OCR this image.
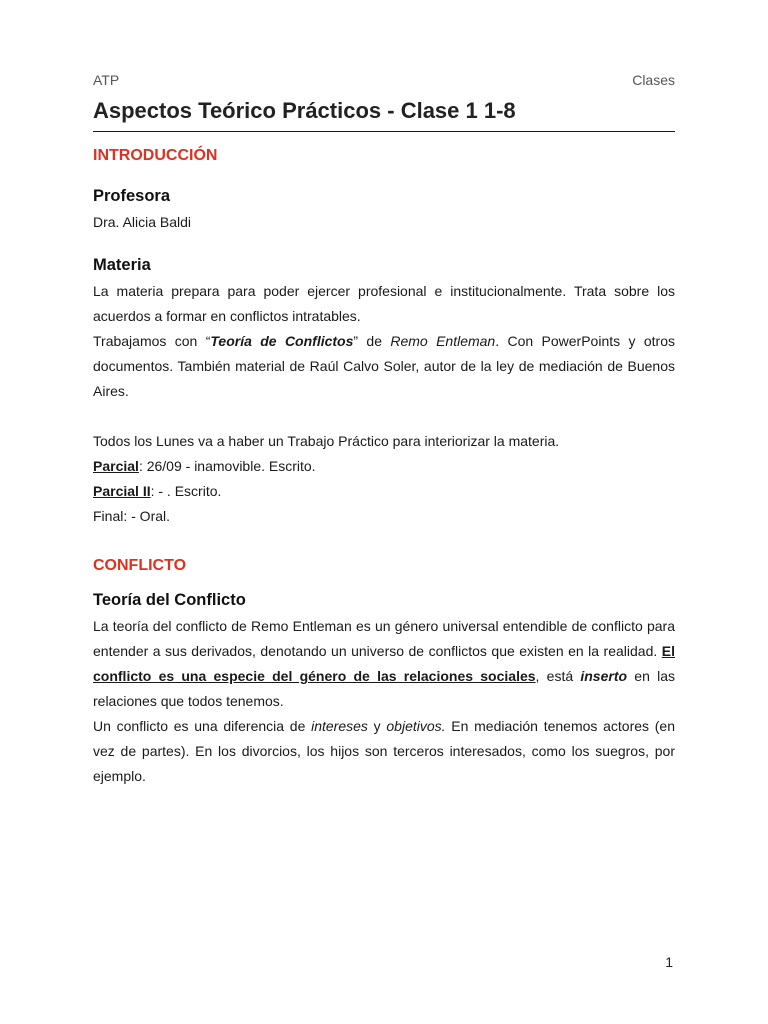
ATP	Clases
Aspectos Teórico Prácticos - Clase 1 1-8
INTRODUCCIÓN
Profesora

Dra. Alicia Baldi

Materia

La materia prepara para poder ejercer profesional e institucionalmente. Trata sobre los acuerdos a formar en conflictos intratables.

Trabajamos con “Teoría de Conflictos” de Remo Entleman. Con PowerPoints y otros documentos. También material de Raúl Calvo Soler, autor de la ley de mediación de Buenos Aires.

Todos los Lunes va a haber un Trabajo Práctico para interiorizar la materia.

Parcial: 26/09 - inamovible. Escrito.

Parcial II: - . Escrito.

Final: - Oral.

CONFLICTO
Teoría del Conflicto

La teoría del conflicto de Remo Entleman es un género universal entendible de conflicto para entender a sus derivados, denotando un universo de conflictos que existen en la realidad. El conflicto es una especie del género de las relaciones sociales, está inserto en las relaciones que todos tenemos.

Un conflicto es una diferencia de intereses y objetivos. En mediación tenemos actores (en vez de partes). En los divorcios, los hijos son terceros interesados, como los suegros, por ejemplo.

1
